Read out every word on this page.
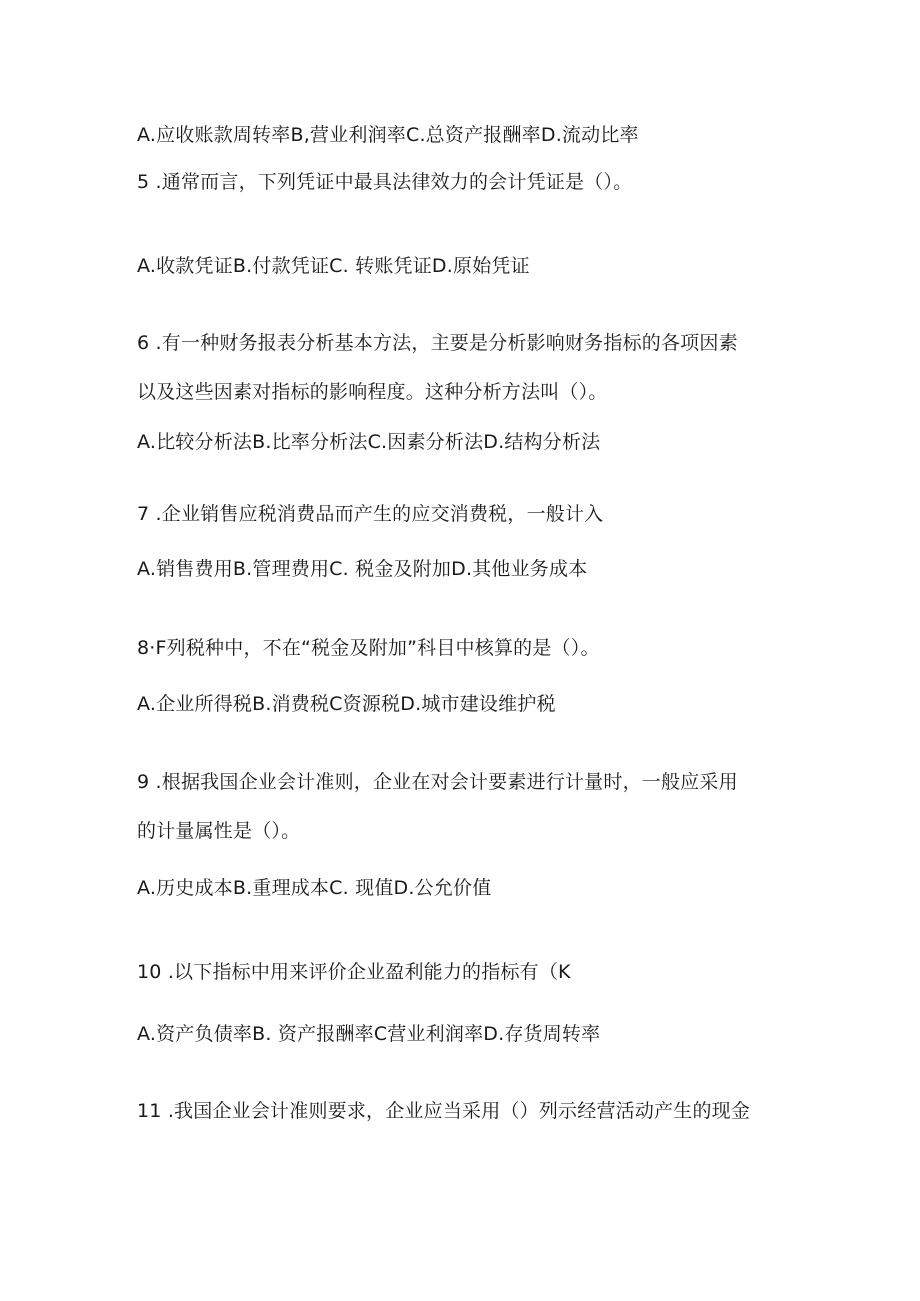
A.应收账款周转率B,营业利润率C.总资产报酬率D.流动比率
5 .通常而言，下列凭证中最具法律效力的会计凭证是（）。
A.收款凭证B.付款凭证C. 转账凭证D.原始凭证
6 .有一种财务报表分析基本方法，主要是分析影响财务指标的各项因素
以及这些因素对指标的影响程度。这种分析方法叫（）。
A.比较分析法B.比率分析法C.因素分析法D.结构分析法
7 .企业销售应税消费品而产生的应交消费税，一般计入
A.销售费用B.管理费用C. 税金及附加D.其他业务成本
8·F列税种中，不在“税金及附加”科目中核算的是（）。
A.企业所得税B.消费税C资源税D.城市建设维护税
9 .根据我国企业会计准则，企业在对会计要素进行计量时，一般应采用
的计量属性是（）。
A.历史成本B.重理成本C. 现值D.公允价值
10 .以下指标中用来评价企业盈利能力的指标有（K
A.资产负债率B. 资产报酬率C营业利润率D.存货周转率
11 .我国企业会计准则要求，企业应当采用（）列示经营活动产生的现金
